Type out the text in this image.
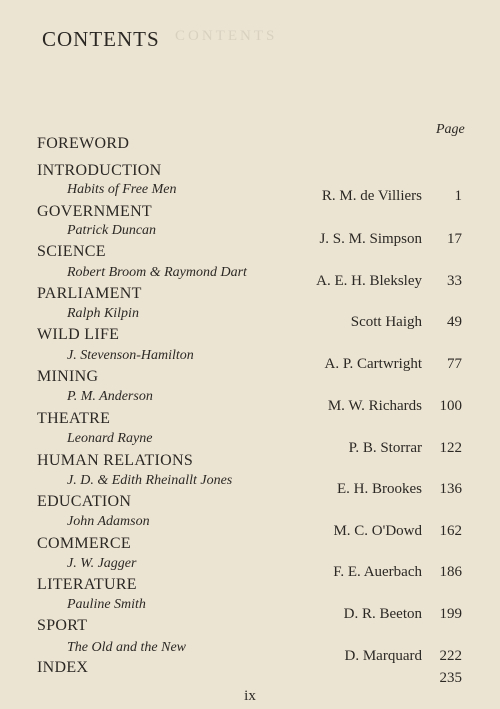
CONTENTS
CONTENTS
Page
FOREWORD
INTRODUCTION
Habits of Free Men	R. M. de Villiers 1
GOVERNMENT
Patrick Duncan
J. S. M. Simpson 17
SCIENCE
Robert Broom & Raymond Dart
A. E. H. Bleksley 33
PARLIAMENT
Ralph Kilpin
Scott Haigh 49
WILD LIFE
J. Stevenson-Hamilton
A. P. Cartwright 77
MINING
P. M. Anderson
M. W. Richards 100
THEATRE
Leonard Rayne
P. B. Storrar 122
HUMAN RELATIONS
J. D. & Edith Rheinallt Jones
E. H. Brookes 136
EDUCATION
John Adamson
M. C. O'Dowd 162
COMMERCE
J. W. Jagger
F. E. Auerbach 186
LITERATURE
Pauline Smith
D. R. Beeton 199
SPORT
The Old and the New
D. Marquard 222
INDEX
235
ix
